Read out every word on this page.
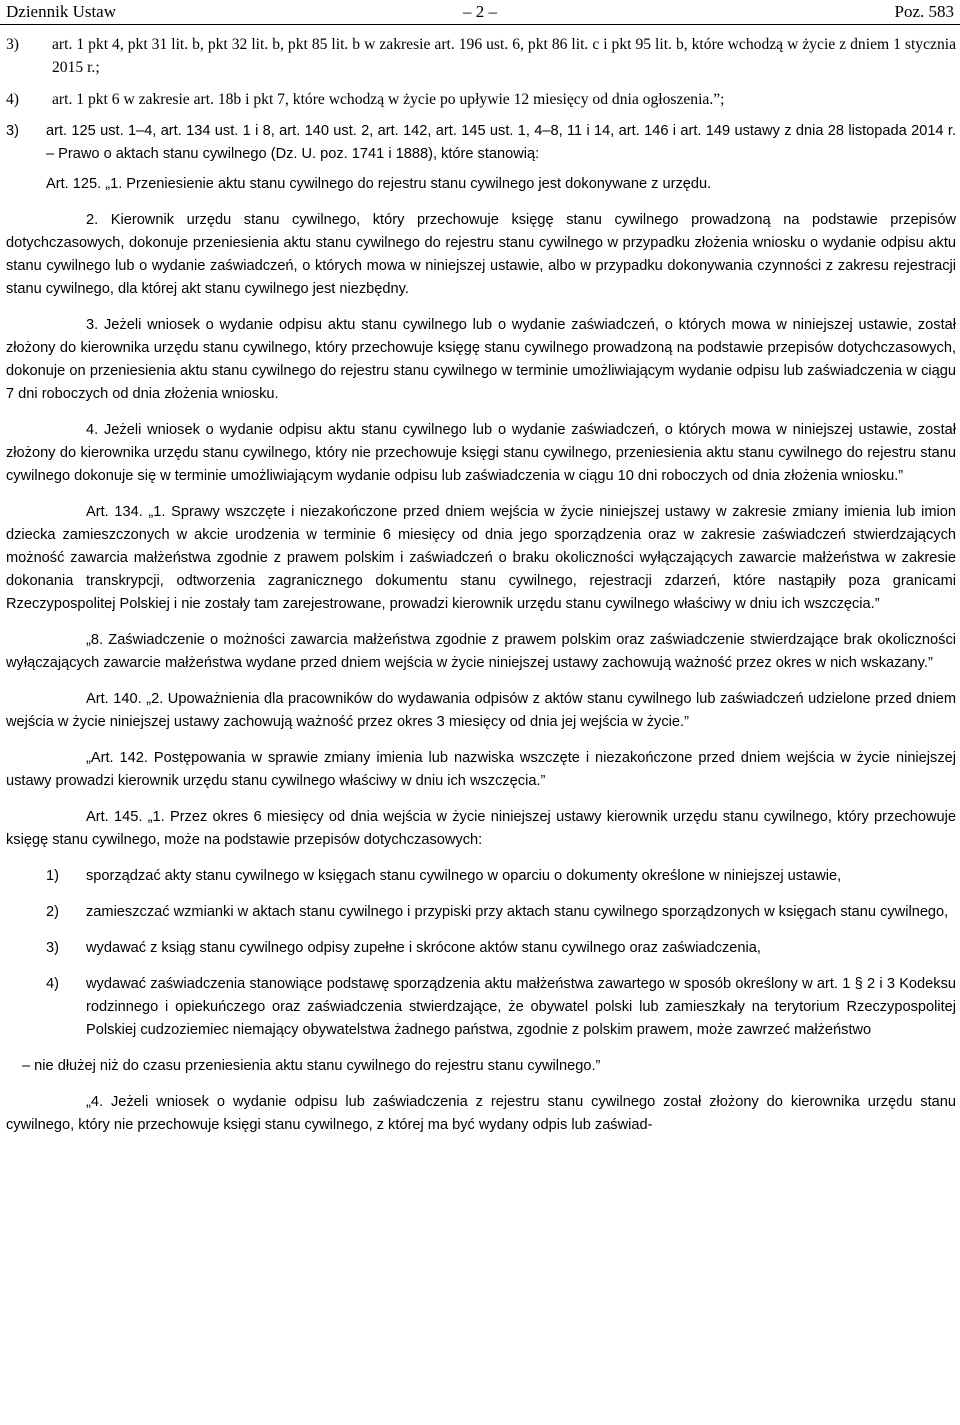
Dziennik Ustaw	– 2 –	Poz. 583
3) art. 1 pkt 4, pkt 31 lit. b, pkt 32 lit. b, pkt 85 lit. b w zakresie art. 196 ust. 6, pkt 86 lit. c i pkt 95 lit. b, które wchodzą w życie z dniem 1 stycznia 2015 r.;
4) art. 1 pkt 6 w zakresie art. 18b i pkt 7, które wchodzą w życie po upływie 12 miesięcy od dnia ogłoszenia.”;
3) art. 125 ust. 1–4, art. 134 ust. 1 i 8, art. 140 ust. 2, art. 142, art. 145 ust. 1, 4–8, 11 i 14, art. 146 i art. 149 ustawy z dnia 28 listopada 2014 r. – Prawo o aktach stanu cywilnego (Dz. U. poz. 1741 i 1888), które stanowią:
Art. 125. „1. Przeniesienie aktu stanu cywilnego do rejestru stanu cywilnego jest dokonywane z urzędu.
2. Kierownik urzędu stanu cywilnego, który przechowuje księgę stanu cywilnego prowadzoną na podstawie przepisów dotychczasowych, dokonuje przeniesienia aktu stanu cywilnego do rejestru stanu cywilnego w przypadku złożenia wniosku o wydanie odpisu aktu stanu cywilnego lub o wydanie zaświadczeń, o których mowa w niniejszej ustawie, albo w przypadku dokonywania czynności z zakresu rejestracji stanu cywilnego, dla której akt stanu cywilnego jest niezbędny.
3. Jeżeli wniosek o wydanie odpisu aktu stanu cywilnego lub o wydanie zaświadczeń, o których mowa w niniejszej ustawie, został złożony do kierownika urzędu stanu cywilnego, który przechowuje księgę stanu cywilnego prowadzoną na podstawie przepisów dotychczasowych, dokonuje on przeniesienia aktu stanu cywilnego do rejestru stanu cywilnego w terminie umożliwiającym wydanie odpisu lub zaświadczenia w ciągu 7 dni roboczych od dnia złożenia wniosku.
4. Jeżeli wniosek o wydanie odpisu aktu stanu cywilnego lub o wydanie zaświadczeń, o których mowa w niniejszej ustawie, został złożony do kierownika urzędu stanu cywilnego, który nie przechowuje księgi stanu cywilnego, przeniesienia aktu stanu cywilnego do rejestru stanu cywilnego dokonuje się w terminie umożliwiającym wydanie odpisu lub zaświadczenia w ciągu 10 dni roboczych od dnia złożenia wniosku.”
Art. 134. „1. Sprawy wszczęte i niezakończone przed dniem wejścia w życie niniejszej ustawy w zakresie zmiany imienia lub imion dziecka zamieszczonych w akcie urodzenia w terminie 6 miesięcy od dnia jego sporządzenia oraz w zakresie zaświadczeń stwierdzających możność zawarcia małżeństwa zgodnie z prawem polskim i zaświadczeń o braku okoliczności wyłączających zawarcie małżeństwa w zakresie dokonania transkrypcji, odtworzenia zagranicznego dokumentu stanu cywilnego, rejestracji zdarzeń, które nastąpiły poza granicami Rzeczypospolitej Polskiej i nie zostały tam zarejestrowane, prowadzi kierownik urzędu stanu cywilnego właściwy w dniu ich wszczęcia.”
„8. Zaświadczenie o możności zawarcia małżeństwa zgodnie z prawem polskim oraz zaświadczenie stwierdzające brak okoliczności wyłączających zawarcie małżeństwa wydane przed dniem wejścia w życie niniejszej ustawy zachowują ważność przez okres w nich wskazany.”
Art. 140. „2. Upoważnienia dla pracowników do wydawania odpisów z aktów stanu cywilnego lub zaświadczeń udzielone przed dniem wejścia w życie niniejszej ustawy zachowują ważność przez okres 3 miesięcy od dnia jej wejścia w życie.”
„Art. 142. Postępowania w sprawie zmiany imienia lub nazwiska wszczęte i niezakończone przed dniem wejścia w życie niniejszej ustawy prowadzi kierownik urzędu stanu cywilnego właściwy w dniu ich wszczęcia.”
Art. 145. „1. Przez okres 6 miesięcy od dnia wejścia w życie niniejszej ustawy kierownik urzędu stanu cywilnego, który przechowuje księgę stanu cywilnego, może na podstawie przepisów dotychczasowych:
1) sporządzać akty stanu cywilnego w księgach stanu cywilnego w oparciu o dokumenty określone w niniejszej ustawie,
2) zamieszczać wzmianki w aktach stanu cywilnego i przypiski przy aktach stanu cywilnego sporządzonych w księgach stanu cywilnego,
3) wydawać z ksiąg stanu cywilnego odpisy zupełne i skrócone aktów stanu cywilnego oraz zaświadczenia,
4) wydawać zaświadczenia stanowiące podstawę sporządzenia aktu małżeństwa zawartego w sposób określony w art. 1 § 2 i 3 Kodeksu rodzinnego i opiekuńczego oraz zaświadczenia stwierdzające, że obywatel polski lub zamieszkały na terytorium Rzeczypospolitej Polskiej cudzoziemiec niemający obywatelstwa żadnego państwa, zgodnie z polskim prawem, może zawrzeć małżeństwo
– nie dłużej niż do czasu przeniesienia aktu stanu cywilnego do rejestru stanu cywilnego.”
„4. Jeżeli wniosek o wydanie odpisu lub zaświadczenia z rejestru stanu cywilnego został złożony do kierownika urzędu stanu cywilnego, który nie przechowuje księgi stanu cywilnego, z której ma być wydany odpis lub zaświad-
